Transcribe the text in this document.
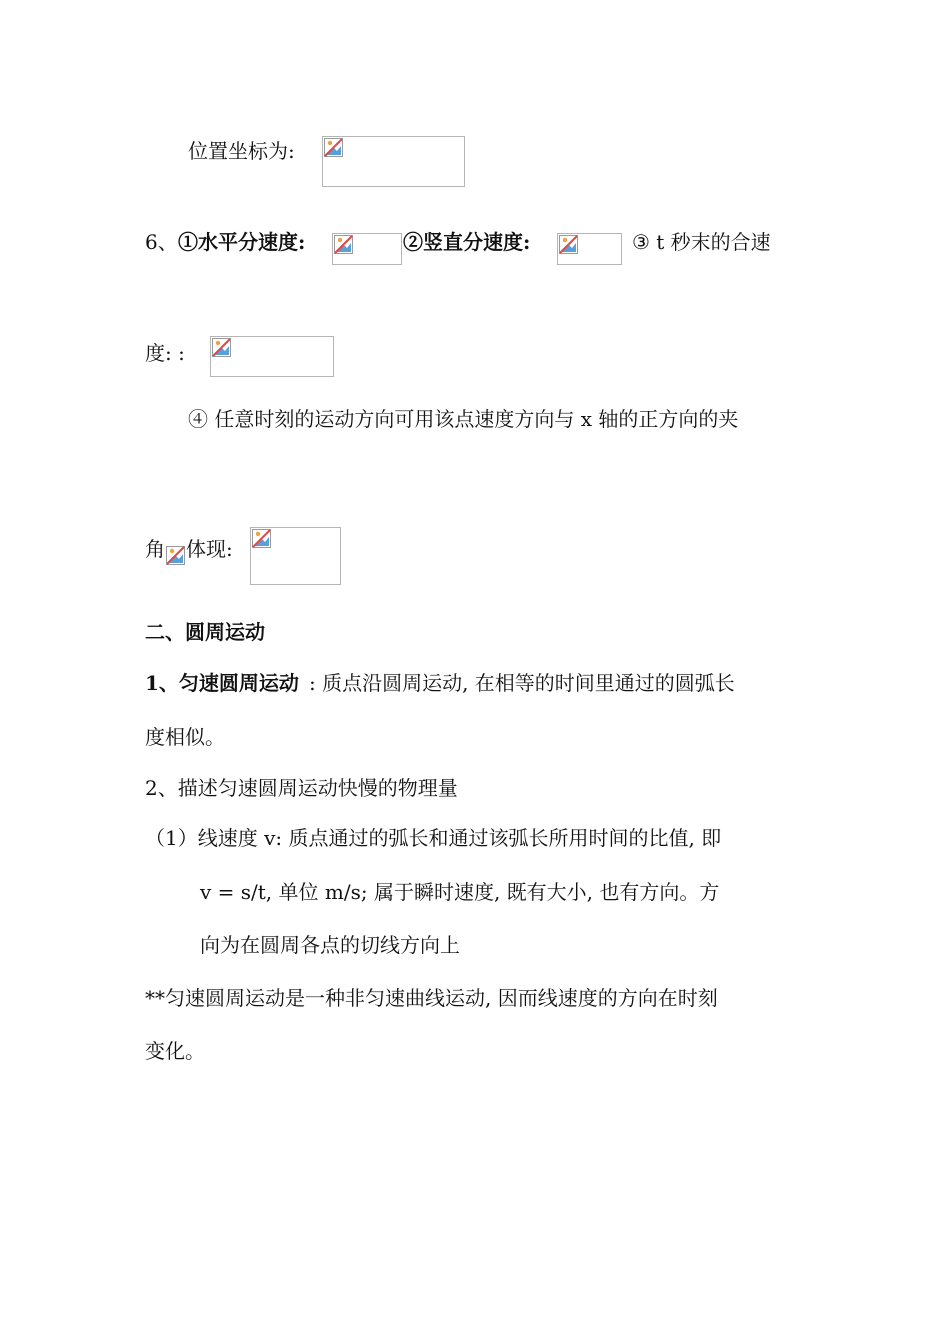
位置坐标为:
6、 ①水平分速度:	②竖直分速度:	③ t 秒末的合速
度: :
④ 任意时刻的运动方向可用该点速度方向与 x 轴的正方向的夹
角 体现:
二、圆周运动
1、匀速圆周运动 : 质点沿圆周运动, 在相等的时间里通过的圆弧长
度相似。
2、描述匀速圆周运动快慢的物理量
（1）线速度 v: 质点通过的弧长和通过该弧长所用时间的比值, 即
v = s/t, 单位 m/s; 属于瞬时速度, 既有大小, 也有方向。方
向为在圆周各点的切线方向上
**匀速圆周运动是一种非匀速曲线运动, 因而线速度的方向在时刻
变化。
